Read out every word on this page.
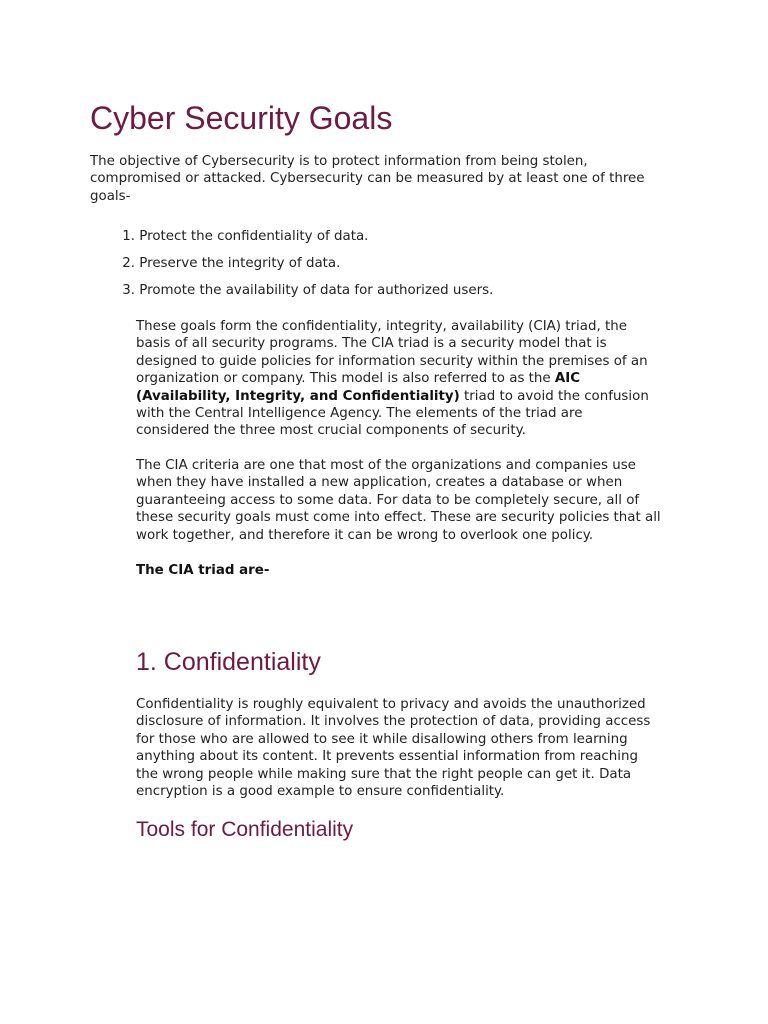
Cyber Security Goals

The objective of Cybersecurity is to protect information from being stolen,
compromised or attacked. Cybersecurity can be measured by at least one of three
goals-

1. Protect the confidentiality of data.
2. Preserve the integrity of data.
3. Promote the availability of data for authorized users.

These goals form the confidentiality, integrity, availability (CIA) triad, the
basis of all security programs. The CIA triad is a security model that is
designed to guide policies for information security within the premises of an
organization or company. This model is also referred to as the AIC
(Availability, Integrity, and Confidentiality) triad to avoid the confusion
with the Central Intelligence Agency. The elements of the triad are
considered the three most crucial components of security.

The CIA criteria are one that most of the organizations and companies use
when they have installed a new application, creates a database or when
guaranteeing access to some data. For data to be completely secure, all of
these security goals must come into effect. These are security policies that all
work together, and therefore it can be wrong to overlook one policy.

The CIA triad are-
1. Confidentiality

Confidentiality is roughly equivalent to privacy and avoids the unauthorized
disclosure of information. It involves the protection of data, providing access
for those who are allowed to see it while disallowing others from learning
anything about its content. It prevents essential information from reaching
the wrong people while making sure that the right people can get it. Data
encryption is a good example to ensure confidentiality.

Tools for Confidentiality
